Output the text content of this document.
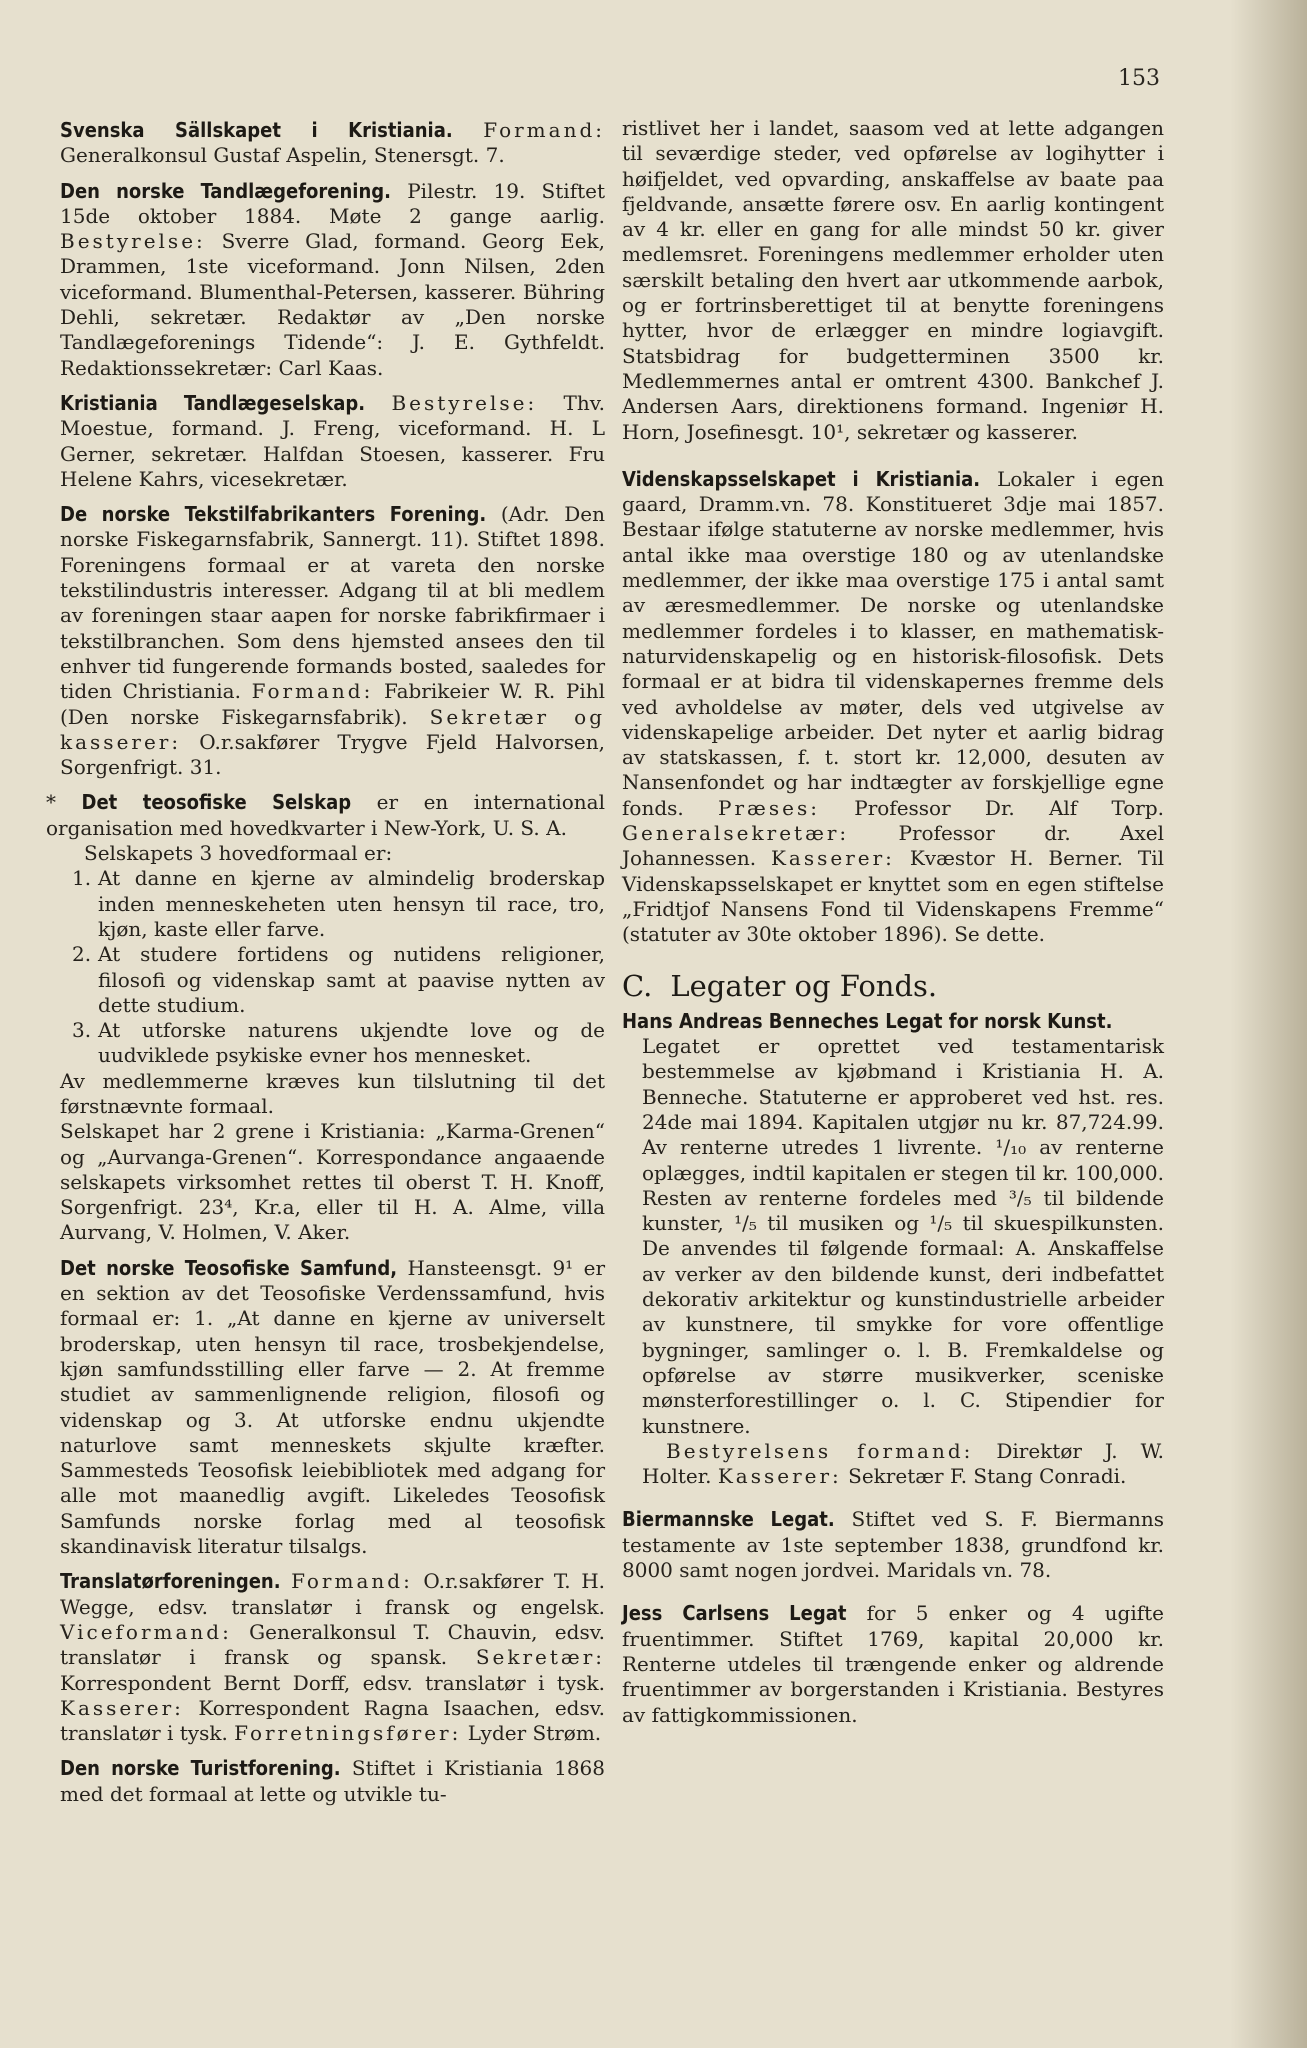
153

Svenska Sällskapet i Kristiania. Formand: Generalkonsul Gustaf Aspelin, Stenersgt. 7.

Den norske Tandlægeforening. Pilestr. 19. Stiftet 15de oktober 1884. Møte 2 gange aarlig. Bestyrelse: Sverre Glad, formand. Georg Eek, Drammen, 1ste viceformand. Jonn Nilsen, 2den viceformand. Blumenthal-Petersen, kasserer. Bühring Dehli, sekretær. Redaktør av „Den norske Tandlægeforenings Tidende“: J. E. Gythfeldt. Redaktionssekretær: Carl Kaas.

Kristiania Tandlægeselskap. Bestyrelse: Thv. Moestue, formand. J. Freng, viceformand. H. L Gerner, sekretær. Halfdan Stoesen, kasserer. Fru Helene Kahrs, vicesekretær.

De norske Tekstilfabrikanters Forening. (Adr. Den norske Fiskegarnsfabrik, Sannergt. 11). Stiftet 1898. Foreningens formaal er at vareta den norske tekstilindustris interesser. Adgang til at bli medlem av foreningen staar aapen for norske fabrikfirmaer i tekstilbranchen. Som dens hjemsted ansees den til enhver tid fungerende formands bosted, saaledes for tiden Christiania. Formand: Fabrikeier W. R. Pihl (Den norske Fiskegarnsfabrik). Sekretær og kasserer: O.r.sakfører Trygve Fjeld Halvorsen, Sorgenfrigt. 31.

* Det teosofiske Selskap er en international organisation med hovedkvarter i New-York, U. S. A.

Selskapets 3 hovedformaal er:

1. At danne en kjerne av almindelig broderskap inden menneskeheten uten hensyn til race, tro, kjøn, kaste eller farve.
2. At studere fortidens og nutidens religioner, filosofi og videnskap samt at paavise nytten av dette studium.
3. At utforske naturens ukjendte love og de uudviklede psykiske evner hos mennesket.

Av medlemmerne kræves kun tilslutning til det førstnævnte formaal.

Selskapet har 2 grene i Kristiania: „Karma-Grenen“ og „Aurvanga-Grenen“. Korrespondance angaaende selskapets virksomhet rettes til oberst T. H. Knoff, Sorgenfrigt. 23⁴, Kr.a, eller til H. A. Alme, villa Aurvang, V. Holmen, V. Aker.

Det norske Teosofiske Samfund, Hansteensgt. 9¹ er en sektion av det Teosofiske Verdenssamfund, hvis formaal er: 1. „At danne en kjerne av universelt broderskap, uten hensyn til race, trosbekjendelse, kjøn samfundsstilling eller farve — 2. At fremme studiet av sammenlignende religion, filosofi og videnskap og 3. At utforske endnu ukjendte naturlove samt menneskets skjulte kræfter. Sammesteds Teosofisk leiebibliotek med adgang for alle mot maanedlig avgift. Likeledes Teosofisk Samfunds norske forlag med al teosofisk skandinavisk literatur tilsalgs.

Translatørforeningen. Formand: O.r.sakfører T. H. Wegge, edsv. translatør i fransk og engelsk. Viceformand: Generalkonsul T. Chauvin, edsv. translatør i fransk og spansk. Sekretær: Korrespondent Bernt Dorff, edsv. translatør i tysk. Kasserer: Korrespondent Ragna Isaachen, edsv. translatør i tysk. Forretningsfører: Lyder Strøm.

Den norske Turistforening. Stiftet i Kristiania 1868 med det formaal at lette og utvikle tu-

ristlivet her i landet, saasom ved at lette adgangen til seværdige steder, ved opførelse av logihytter i høifjeldet, ved opvarding, anskaffelse av baate paa fjeldvande, ansætte førere osv. En aarlig kontingent av 4 kr. eller en gang for alle mindst 50 kr. giver medlemsret. Foreningens medlemmer erholder uten særskilt betaling den hvert aar utkommende aarbok, og er fortrinsberettiget til at benytte foreningens hytter, hvor de erlægger en mindre logiavgift. Statsbidrag for budgetterminen 3500 kr. Medlemmernes antal er omtrent 4300. Bankchef J. Andersen Aars, direktionens formand. Ingeniør H. Horn, Josefinesgt. 10¹, sekretær og kasserer.

Videnskapsselskapet i Kristiania. Lokaler i egen gaard, Dramm.vn. 78. Konstitueret 3dje mai 1857. Bestaar ifølge statuterne av norske medlemmer, hvis antal ikke maa overstige 180 og av utenlandske medlemmer, der ikke maa overstige 175 i antal samt av æresmedlemmer. De norske og utenlandske medlemmer fordeles i to klasser, en mathematisk-naturvidenskapelig og en historisk-filosofisk. Dets formaal er at bidra til videnskapernes fremme dels ved avholdelse av møter, dels ved utgivelse av videnskapelige arbeider. Det nyter et aarlig bidrag av statskassen, f. t. stort kr. 12,000, desuten av Nansenfondet og har indtægter av forskjellige egne fonds. Præses: Professor Dr. Alf Torp. Generalsekretær: Professor dr. Axel Johannessen. Kasserer: Kvæstor H. Berner. Til Videnskapsselskapet er knyttet som en egen stiftelse „Fridtjof Nansens Fond til Videnskapens Fremme“ (statuter av 30te oktober 1896). Se dette.

C. Legater og Fonds.

Hans Andreas Benneches Legat for norsk Kunst.

Legatet er oprettet ved testamentarisk bestemmelse av kjøbmand i Kristiania H. A. Benneche. Statuterne er approberet ved hst. res. 24de mai 1894. Kapitalen utgjør nu kr. 87,724.99. Av renterne utredes 1 livrente. ¹/₁₀ av renterne oplægges, indtil kapitalen er stegen til kr. 100,000. Resten av renterne fordeles med ³/₅ til bildende kunster, ¹/₅ til musiken og ¹/₅ til skuespilkunsten. De anvendes til følgende formaal: A. Anskaffelse av verker av den bildende kunst, deri indbefattet dekorativ arkitektur og kunstindustrielle arbeider av kunstnere, til smykke for vore offentlige bygninger, samlinger o. l. B. Fremkaldelse og opførelse av større musikverker, sceniske mønsterforestillinger o. l. C. Stipendier for kunstnere.

Bestyrelsens formand: Direktør J. W. Holter. Kasserer: Sekretær F. Stang Conradi.

Biermannske Legat. Stiftet ved S. F. Biermanns testamente av 1ste september 1838, grundfond kr. 8000 samt nogen jordvei. Maridals vn. 78.

Jess Carlsens Legat for 5 enker og 4 ugifte fruentimmer. Stiftet 1769, kapital 20,000 kr. Renterne utdeles til trængende enker og aldrende fruentimmer av borgerstanden i Kristiania. Bestyres av fattigkommissionen.
